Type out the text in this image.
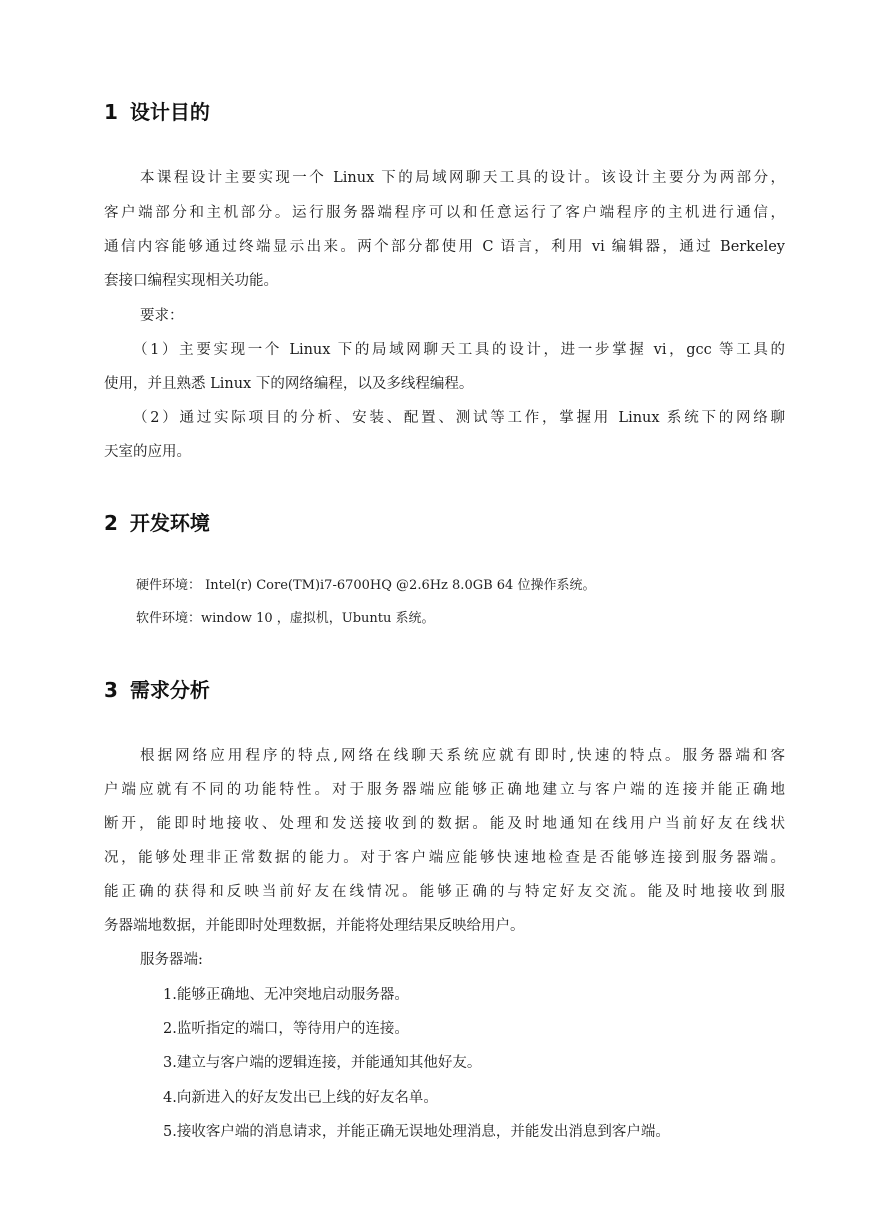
1 设计目的
本课程设计主要实现一个 Linux 下的局域网聊天工具的设计。该设计主要分为两部分，
客户端部分和主机部分。运行服务器端程序可以和任意运行了客户端程序的主机进行通信，
通信内容能够通过终端显示出来。两个部分都使用 C 语言，利用 vi 编辑器，通过 Berkeley
套接口编程实现相关功能。
要求：
（1）主要实现一个 Linux 下的局域网聊天工具的设计，进一步掌握 vi，gcc 等工具的
使用，并且熟悉 Linux 下的网络编程，以及多线程编程。
（2）通过实际项目的分析、安装、配置、测试等工作，掌握用 Linux 系统下的网络聊
天室的应用。
2 开发环境
硬件环境： Intel(r) Core(TM)i7-6700HQ @2.6Hz 8.0GB 64 位操作系统。
软件环境：window 10 ，虚拟机，Ubuntu 系统。
3 需求分析
根据网络应用程序的特点,网络在线聊天系统应就有即时,快速的特点。服务器端和客
户端应就有不同的功能特性。对于服务器端应能够正确地建立与客户端的连接并能正确地
断开，能即时地接收、处理和发送接收到的数据。能及时地通知在线用户当前好友在线状
况，能够处理非正常数据的能力。对于客户端应能够快速地检查是否能够连接到服务器端。
能正确的获得和反映当前好友在线情况。能够正确的与特定好友交流。能及时地接收到服
务器端地数据，并能即时处理数据，并能将处理结果反映给用户。
服务器端:
1.能够正确地、无冲突地启动服务器。
2.监听指定的端口，等待用户的连接。
3.建立与客户端的逻辑连接，并能通知其他好友。
4.向新进入的好友发出已上线的好友名单。
5.接收客户端的消息请求，并能正确无误地处理消息，并能发出消息到客户端。
